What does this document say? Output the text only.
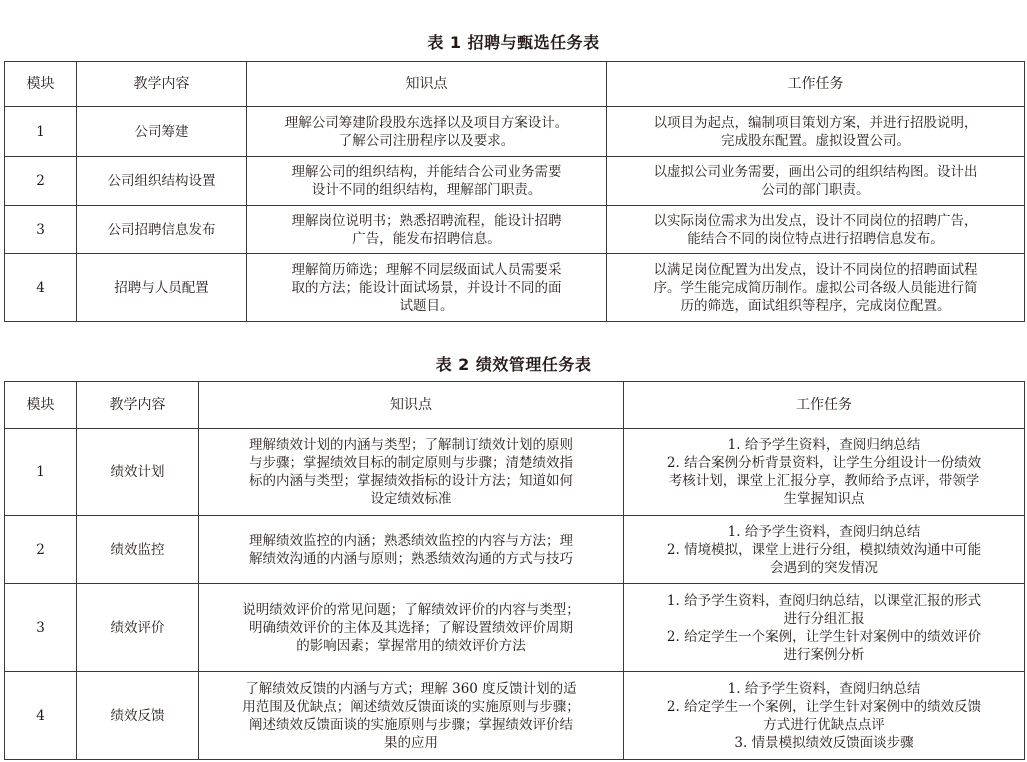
表 1 招聘与甄选任务表
模块	教学内容	知识点	工作任务
1	公司筹建	理解公司筹建阶段股东选择以及项目方案设计。
了解公司注册程序以及要求。	以项目为起点，编制项目策划方案，并进行招股说明，
完成股东配置。虚拟设置公司。
2	公司组织结构设置	理解公司的组织结构，并能结合公司业务需要
设计不同的组织结构，理解部门职责。	以虚拟公司业务需要，画出公司的组织结构图。设计出
公司的部门职责。
3	公司招聘信息发布	理解岗位说明书；熟悉招聘流程，能设计招聘
广告，能发布招聘信息。	以实际岗位需求为出发点，设计不同岗位的招聘广告，
能结合不同的岗位特点进行招聘信息发布。
4	招聘与人员配置	理解简历筛选；理解不同层级面试人员需要采
取的方法；能设计面试场景，并设计不同的面
试题目。	以满足岗位配置为出发点，设计不同岗位的招聘面试程
序。学生能完成简历制作。虚拟公司各级人员能进行简
历的筛选，面试组织等程序，完成岗位配置。
表 2 绩效管理任务表
模块	教学内容	知识点	工作任务
1	绩效计划	理解绩效计划的内涵与类型；了解制订绩效计划的原则
与步骤；掌握绩效目标的制定原则与步骤；清楚绩效指
标的内涵与类型；掌握绩效指标的设计方法；知道如何
设定绩效标准	1. 给予学生资料，查阅归纳总结
2. 结合案例分析背景资料，让学生分组设计一份绩效
考核计划，课堂上汇报分享，教师给予点评，带领学
生掌握知识点
2	绩效监控	理解绩效监控的内涵；熟悉绩效监控的内容与方法；理
解绩效沟通的内涵与原则；熟悉绩效沟通的方式与技巧	1. 给予学生资料，查阅归纳总结
2. 情境模拟，课堂上进行分组，模拟绩效沟通中可能
会遇到的突发情况
3	绩效评价	说明绩效评价的常见问题；了解绩效评价的内容与类型；
明确绩效评价的主体及其选择；了解设置绩效评价周期
的影响因素；掌握常用的绩效评价方法	1. 给予学生资料，查阅归纳总结，以课堂汇报的形式
进行分组汇报
2. 给定学生一个案例，让学生针对案例中的绩效评价
进行案例分析
4	绩效反馈	了解绩效反馈的内涵与方式；理解 360 度反馈计划的适
用范围及优缺点；阐述绩效反馈面谈的实施原则与步骤；
阐述绩效反馈面谈的实施原则与步骤；掌握绩效评价结
果的应用	1. 给予学生资料，查阅归纳总结
2. 给定学生一个案例，让学生针对案例中的绩效反馈
方式进行优缺点点评
3. 情景模拟绩效反馈面谈步骤
